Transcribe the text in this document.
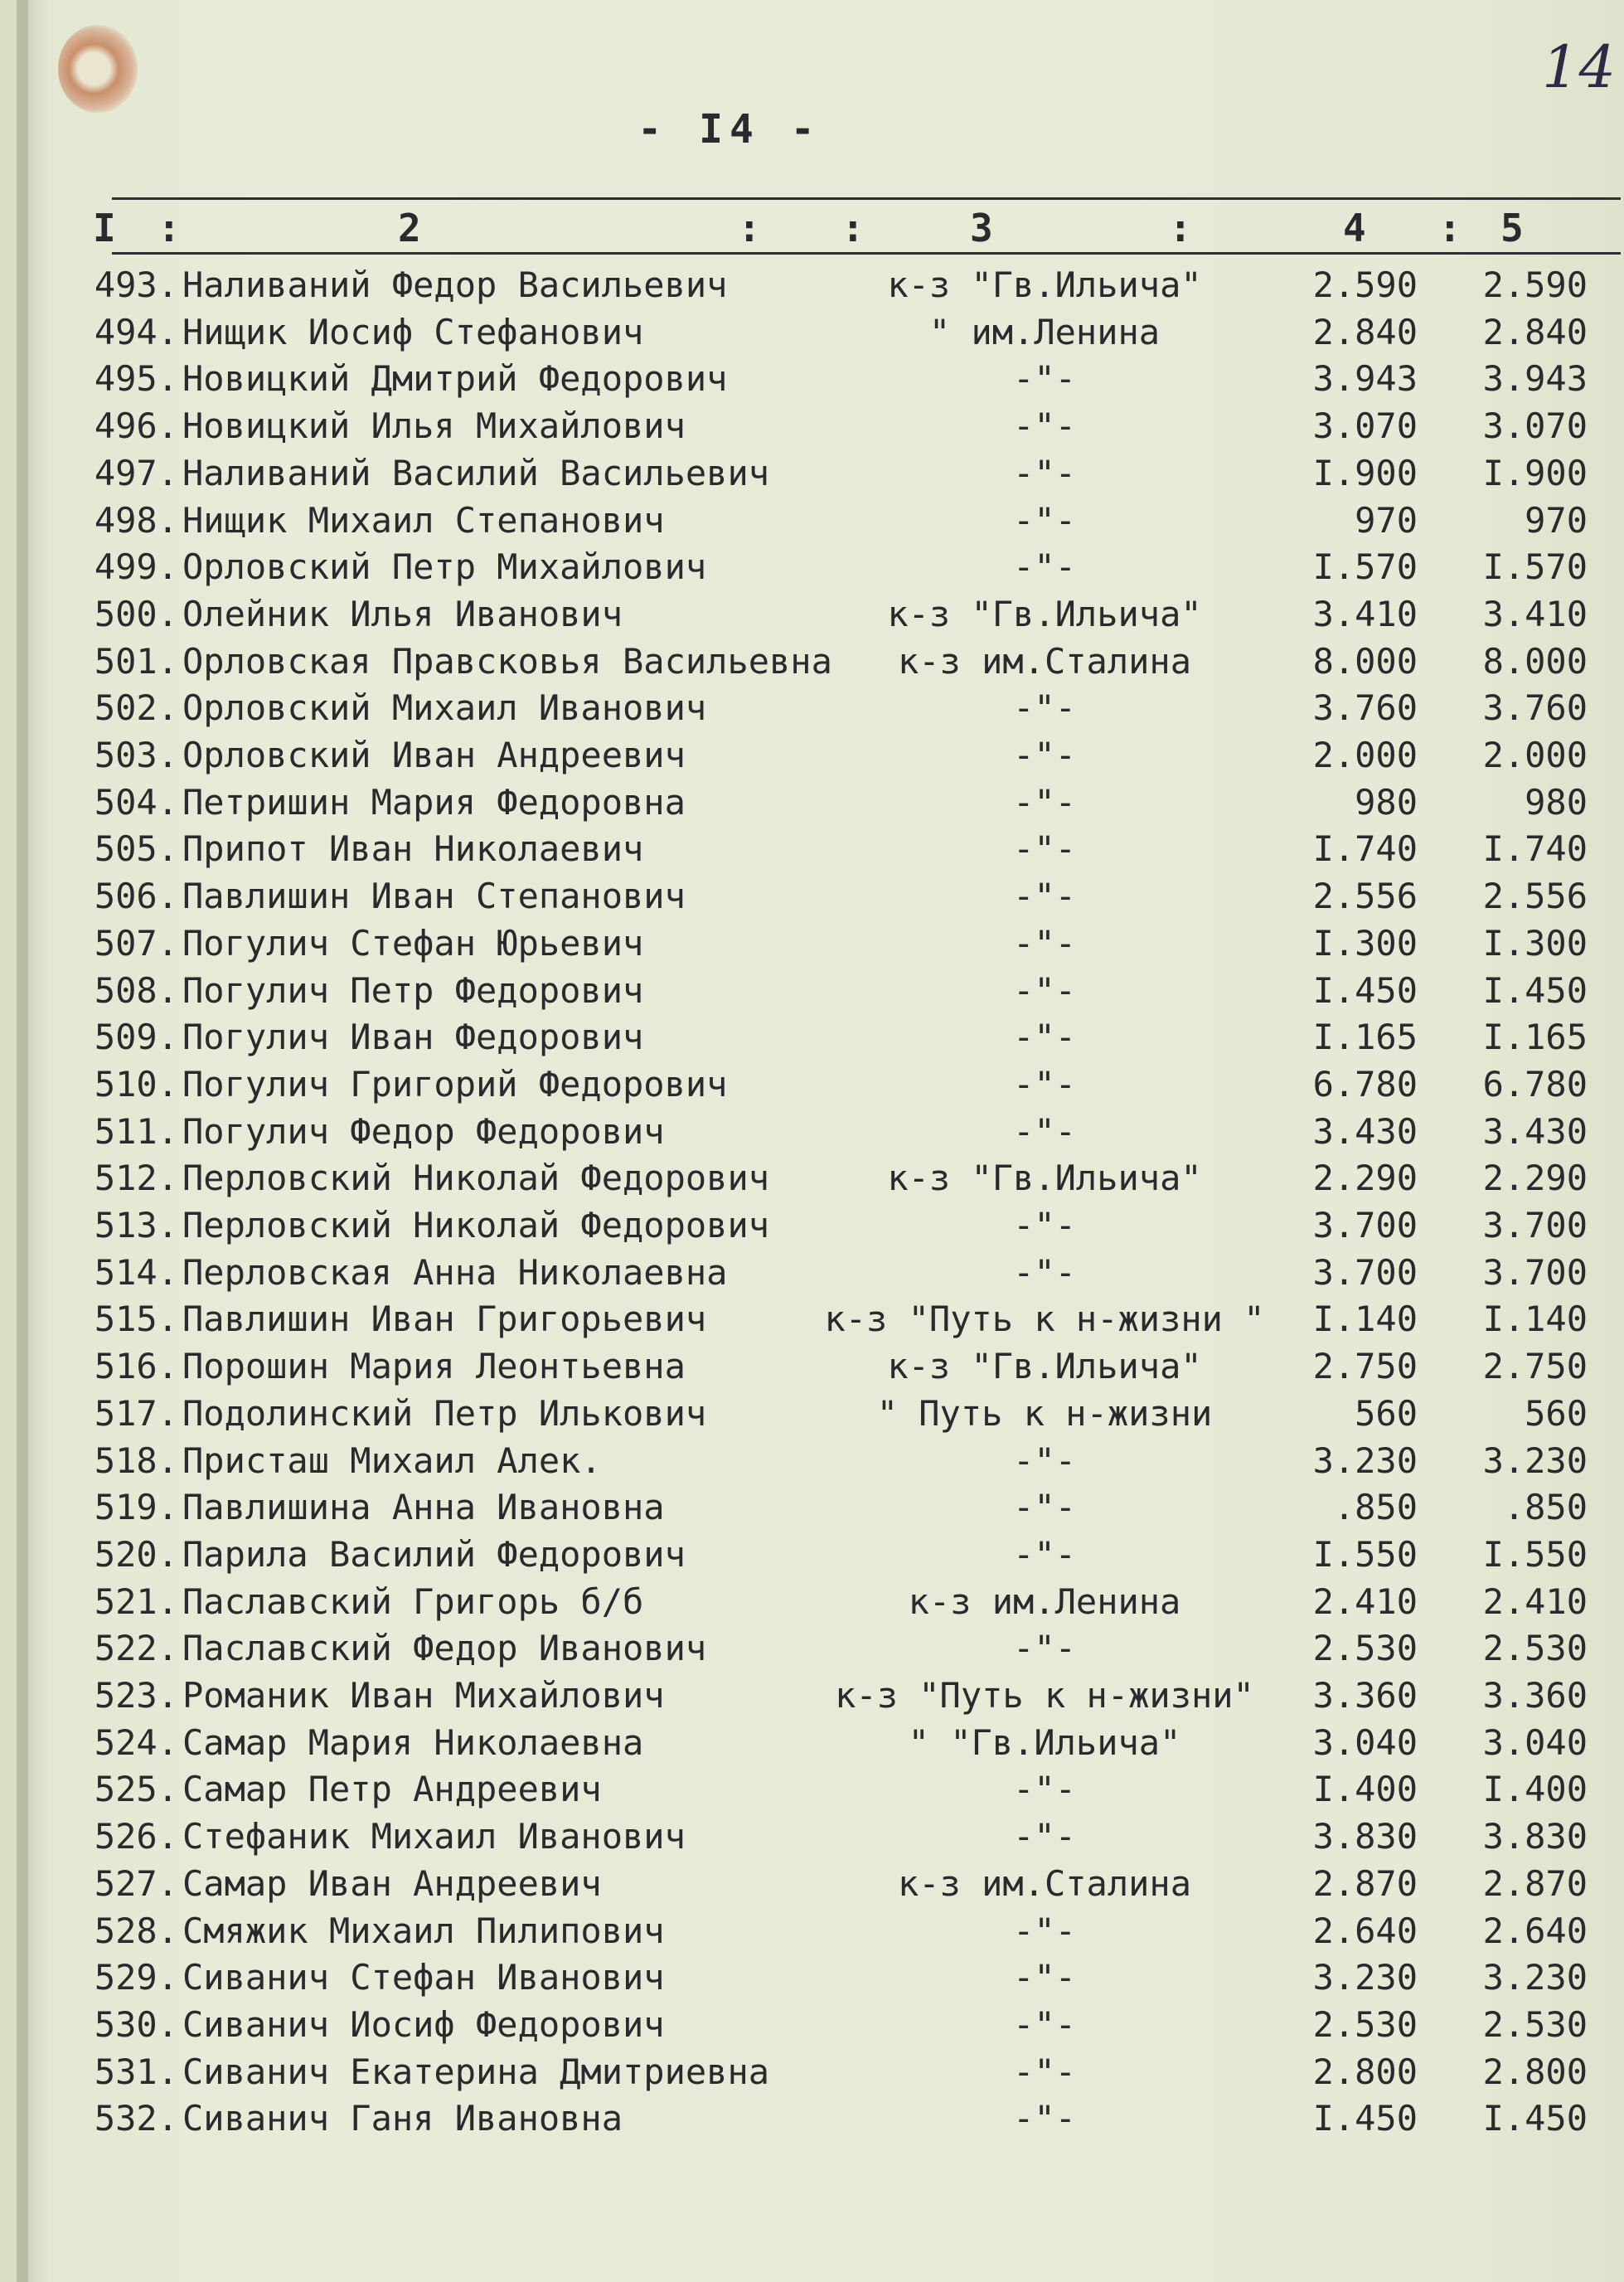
14
- I4 -
I :	2	: :	3	:	4 : 5
493. Наливаний Федор Васильевич	к-з "Гв.Ильича"	2.590	2.590
494. Нищик Иосиф Стефанович	" им.Ленина	2.840	2.840
495. Новицкий Дмитрий Федорович	-"-	3.943	3.943
496. Новицкий Илья Михайлович	-"-	3.070	3.070
497. Наливаний Василий Васильевич	-"-	I.900	I.900
498. Нищик Михаил Степанович	-"-	970	970
499. Орловский Петр Михайлович	-"-	I.570	I.570
500. Олейник Илья Иванович	к-з "Гв.Ильича"	3.410	3.410
501. Орловская Правсковья Васильевна	к-з им.Сталина	8.000	8.000
502. Орловский Михаил Иванович	-"-	3.760	3.760
503. Орловский Иван Андреевич	-"-	2.000	2.000
504. Петришин Мария Федоровна	-"-	980	980
505. Припот Иван Николаевич	-"-	I.740	I.740
506. Павлишин Иван Степанович	-"-	2.556	2.556
507. Погулич Стефан Юрьевич	-"-	I.300	I.300
508. Погулич Петр Федорович	-"-	I.450	I.450
509. Погулич Иван Федорович	-"-	I.165	I.165
510. Погулич Григорий Федорович	-"-	6.780	6.780
511. Погулич Федор Федорович	-"-	3.430	3.430
512. Перловский Николай Федорович	к-з "Гв.Ильича"	2.290	2.290
513. Перловский Николай Федорович	-"-	3.700	3.700
514. Перловская Анна Николаевна	-"-	3.700	3.700
515. Павлишин Иван Григорьевич	к-з "Путь к н-жизни "	I.140	I.140
516. Порошин Мария Леонтьевна	к-з "Гв.Ильича"	2.750	2.750
517. Подолинский Петр Илькович	" Путь к н-жизни	560	560
518. Присташ Михаил Алек.	-"-	3.230	3.230
519. Павлишина Анна Ивановна	-"-	.850	.850
520. Парила Василий Федорович	-"-	I.550	I.550
521. Паславский Григорь б/б	к-з им.Ленина	2.410	2.410
522. Паславский Федор Иванович	-"-	2.530	2.530
523. Романик Иван Михайлович	к-з "Путь к н-жизни"	3.360	3.360
524. Самар Мария Николаевна	" "Гв.Ильича"	3.040	3.040
525. Самар Петр Андреевич	-"-	I.400	I.400
526. Стефаник Михаил Иванович	-"-	3.830	3.830
527. Самар Иван Андреевич	к-з им.Сталина	2.870	2.870
528. Смяжик Михаил Пилипович	-"-	2.640	2.640
529. Сиванич Стефан Иванович	-"-	3.230	3.230
530. Сиванич Иосиф Федорович	-"-	2.530	2.530
531. Сиванич Екатерина Дмитриевна	-"-	2.800	2.800
532. Сиванич Ганя Ивановна	-"-	I.450	I.450
